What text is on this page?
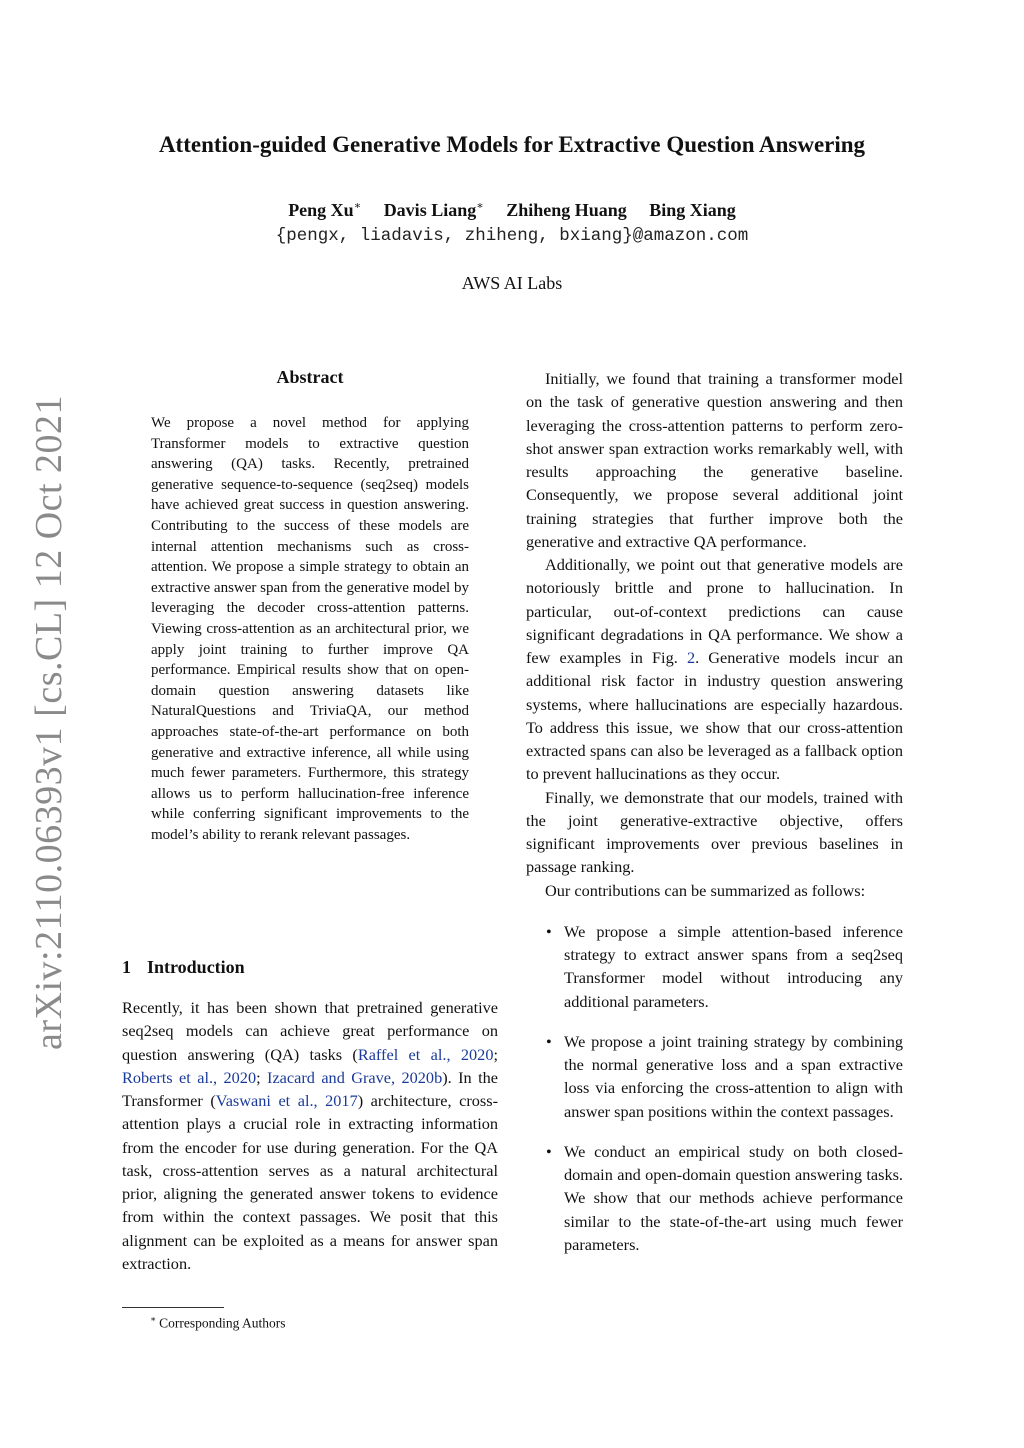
Attention-guided Generative Models for Extractive Question Answering
Peng Xu∗ Davis Liang∗ Zhiheng Huang Bing Xiang
{pengx, liadavis, zhiheng, bxiang}@amazon.com
AWS AI Labs
arXiv:2110.06393v1 [cs.CL] 12 Oct 2021
Abstract

We propose a novel method for applying Transformer models to extractive question answering (QA) tasks. Recently, pretrained generative sequence-to-sequence (seq2seq) models have achieved great success in question answering. Contributing to the success of these models are internal attention mechanisms such as cross-attention. We propose a simple strategy to obtain an extractive answer span from the generative model by leveraging the decoder cross-attention patterns. Viewing cross-attention as an architectural prior, we apply joint training to further improve QA performance. Empirical results show that on open-domain question answering datasets like NaturalQuestions and TriviaQA, our method approaches state-of-the-art performance on both generative and extractive inference, all while using much fewer parameters. Furthermore, this strategy allows us to perform hallucination-free inference while conferring significant improvements to the model’s ability to rerank relevant passages.

1 Introduction

Recently, it has been shown that pretrained generative seq2seq models can achieve great performance on question answering (QA) tasks (Raffel et al., 2020; Roberts et al., 2020; Izacard and Grave, 2020b). In the Transformer (Vaswani et al., 2017) architecture, cross-attention plays a crucial role in extracting information from the encoder for use during generation. For the QA task, cross-attention serves as a natural architectural prior, aligning the generated answer tokens to evidence from within the context passages. We posit that this alignment can be exploited as a means for answer span extraction.

∗ Corresponding Authors

Initially, we found that training a transformer model on the task of generative question answering and then leveraging the cross-attention patterns to perform zero-shot answer span extraction works remarkably well, with results approaching the generative baseline. Consequently, we propose several additional joint training strategies that further improve both the generative and extractive QA performance.

Additionally, we point out that generative models are notoriously brittle and prone to hallucination. In particular, out-of-context predictions can cause significant degradations in QA performance. We show a few examples in Fig. 2. Generative models incur an additional risk factor in industry question answering systems, where hallucinations are especially hazardous. To address this issue, we show that our cross-attention extracted spans can also be leveraged as a fallback option to prevent hallucinations as they occur.

Finally, we demonstrate that our models, trained with the joint generative-extractive objective, offers significant improvements over previous baselines in passage ranking.

Our contributions can be summarized as follows:

• We propose a simple attention-based inference strategy to extract answer spans from a seq2seq Transformer model without introducing any additional parameters.
• We propose a joint training strategy by combining the normal generative loss and a span extractive loss via enforcing the cross-attention to align with answer span positions within the context passages.
• We conduct an empirical study on both closed-domain and open-domain question answering tasks. We show that our methods achieve performance similar to the state-of-the-art using much fewer parameters.
